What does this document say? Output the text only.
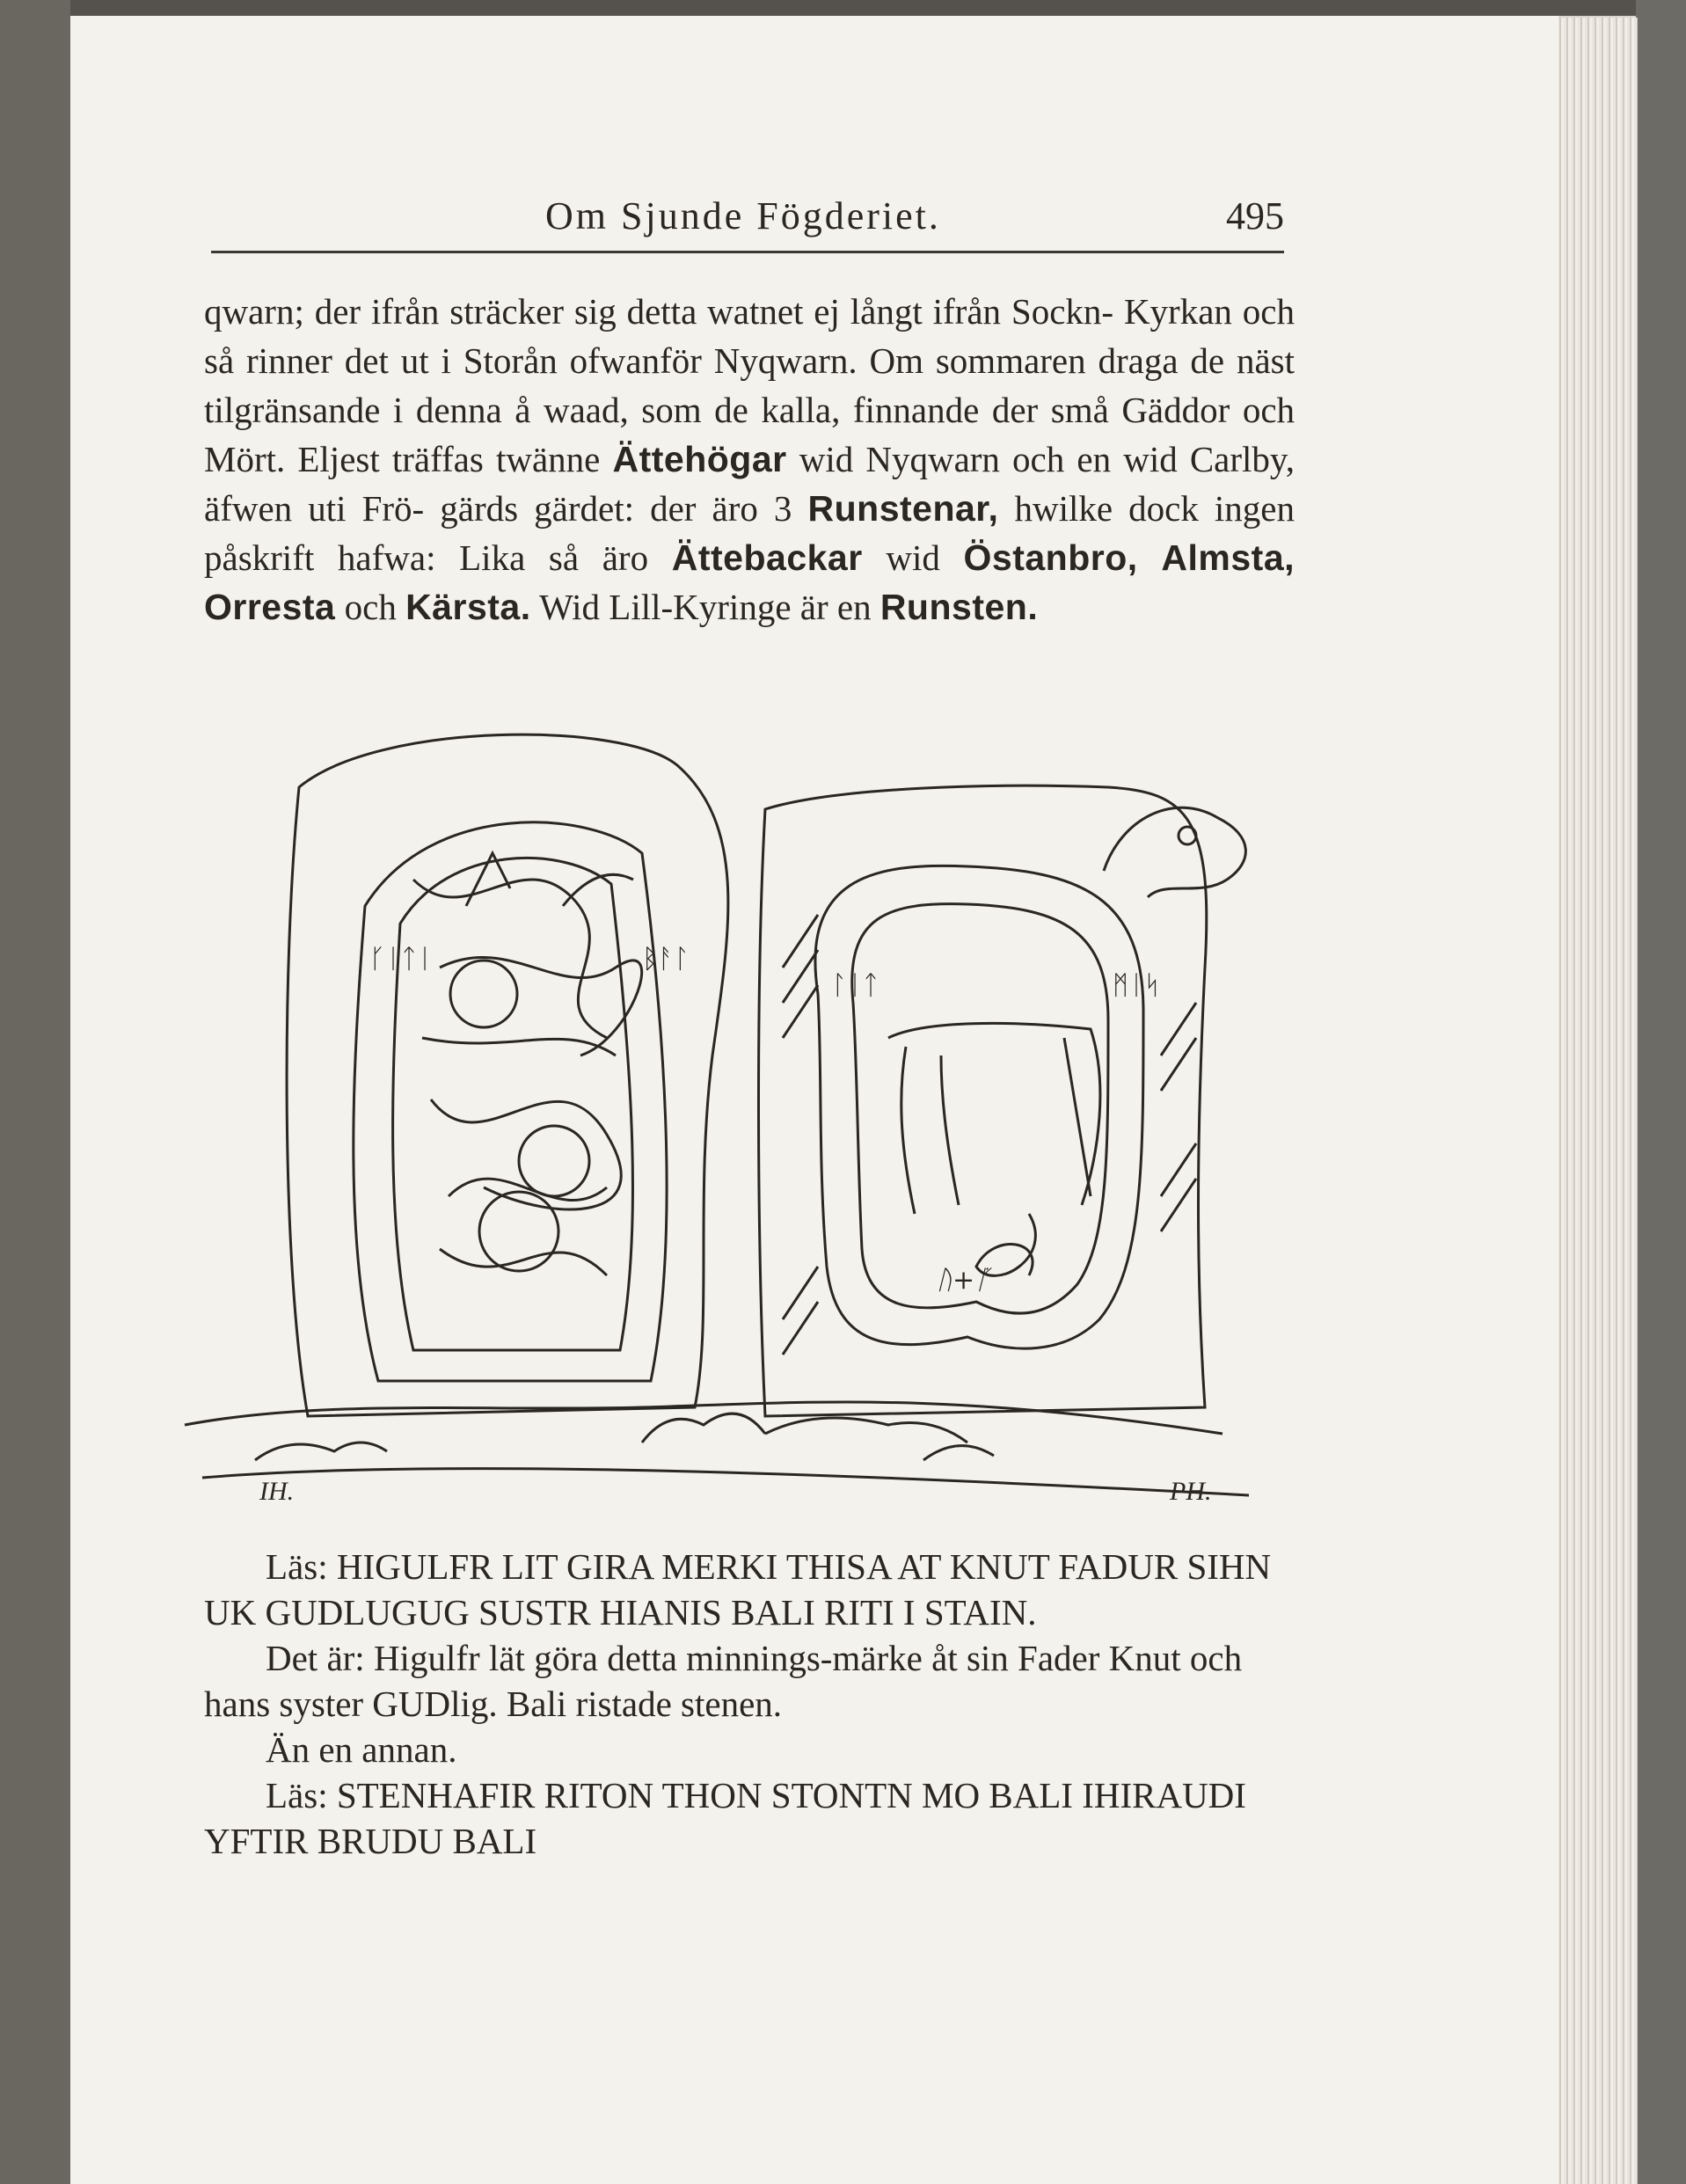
Om Sjunde Fögderiet.	495
qwarn; der ifrån sträcker sig detta watnet ej långt ifrån Sockn- Kyrkan och så rinner det ut i Storån ofwanför Nyqwarn. Om sommaren draga de näst tilgränsande i denna å waad, som de kalla, finnande der små Gäddor och Mört. Eljest träffas twänne Ättehögar wid Nyqwarn och en wid Carlby, äfwen uti Frö- gärds gärdet: der äro 3 Runstenar, hwilke dock ingen påskrift hafwa: Lika så äro Ättebackar wid Östanbro, Almsta, Orresta och Kärsta. Wid Lill-Kyringe är en Runsten.
ᚴᛁᛏᛁ	ᛒᚨᛚ
ᛚᛁᛏ	ᛗᛁᛋ
ᚢ+ᚵ
IH.	PH.

Läs: HIGULFR LIT GIRA MERKI THISA AT KNUT FADUR SIHN UK GUDLUGUG SUSTR HIANIS BALI RITI I STAIN.

Det är: Higulfr lät göra detta minnings-märke åt sin Fader Knut och hans syster GUDlig. Bali ristade stenen.

Än en annan.

Läs: STENHAFIR RITON THON STONTN MO BALI IHIRAUDI YFTIR BRUDU BALI
